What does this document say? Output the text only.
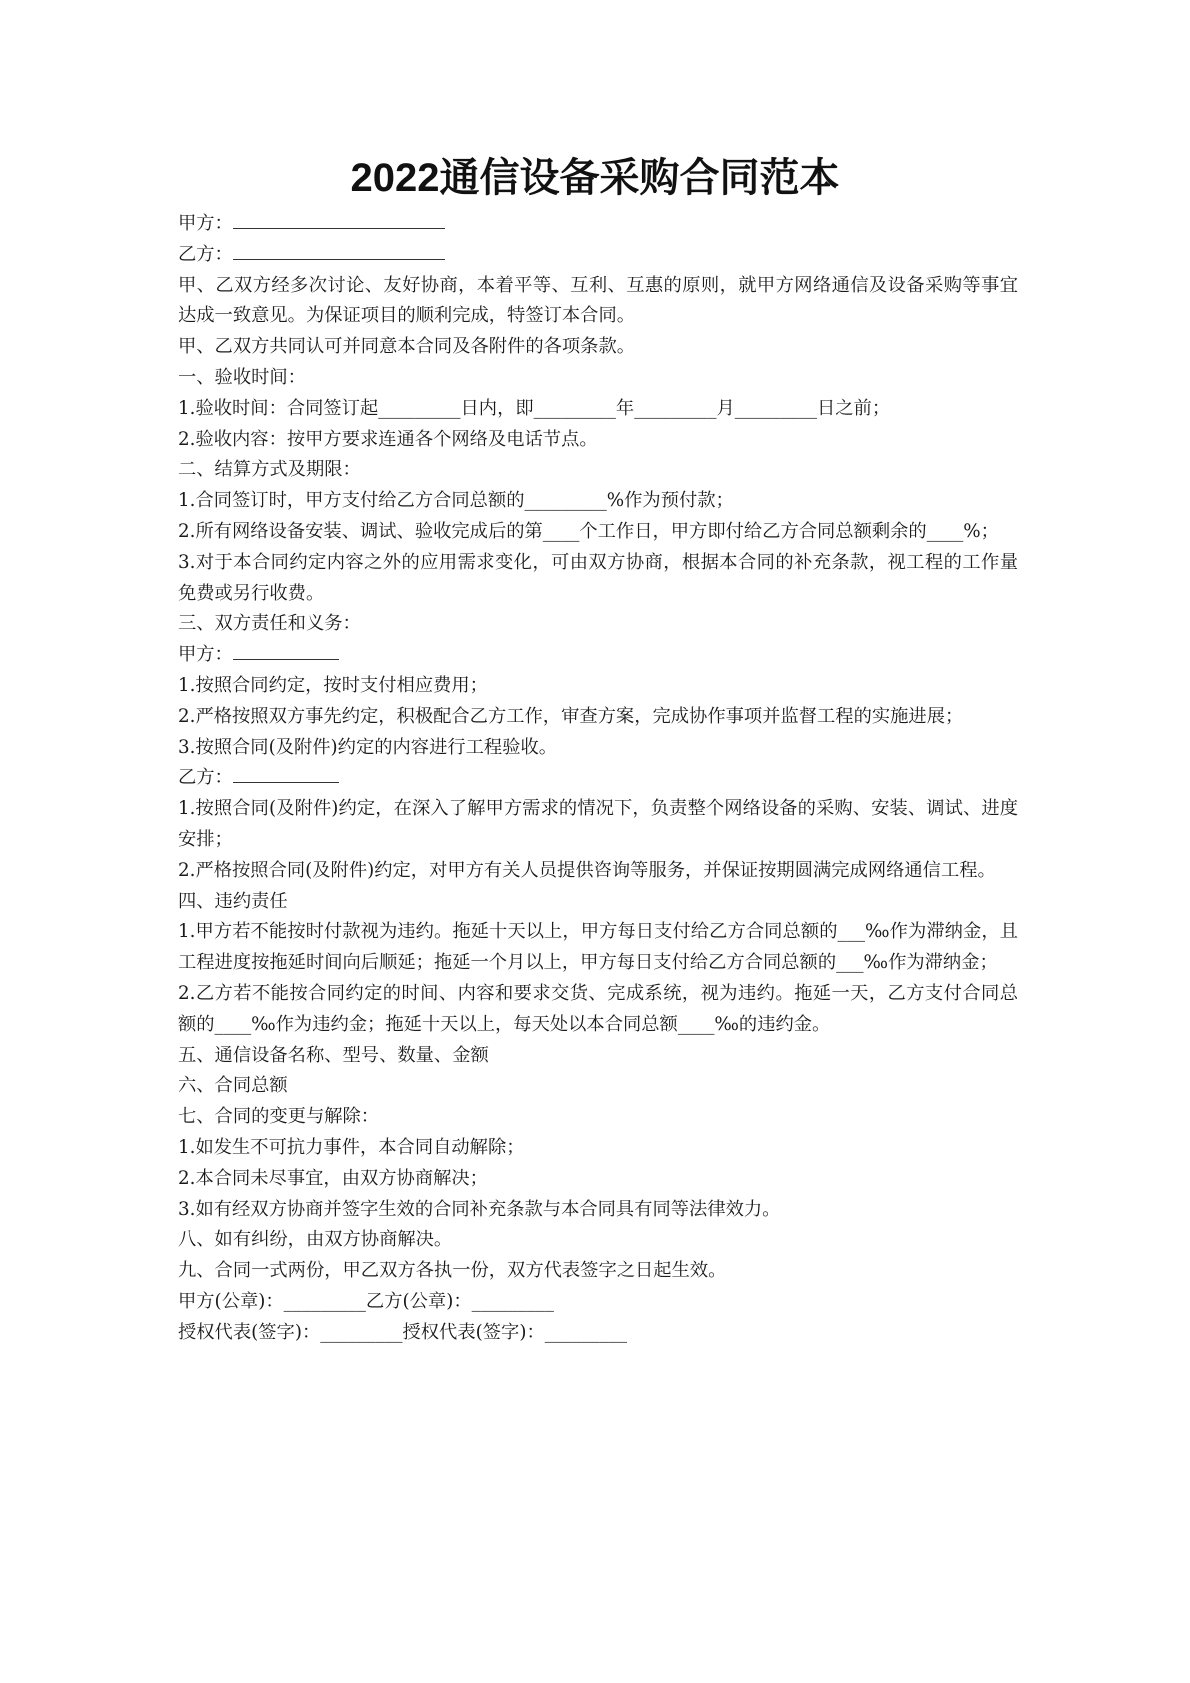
2022通信设备采购合同范本
甲方：
乙方：
甲、乙双方经多次讨论、友好协商，本着平等、互利、互惠的原则，就甲方网络通信及设备采购等事宜达成一致意见。为保证项目的顺利完成，特签订本合同。
甲、乙双方共同认可并同意本合同及各附件的各项条款。
一、验收时间：
1.验收时间：合同签订起_________日内，即_________年_________月_________日之前；
2.验收内容：按甲方要求连通各个网络及电话节点。
二、结算方式及期限：
1.合同签订时，甲方支付给乙方合同总额的_________%作为预付款；
2.所有网络设备安装、调试、验收完成后的第____个工作日，甲方即付给乙方合同总额剩余的____%；
3.对于本合同约定内容之外的应用需求变化，可由双方协商，根据本合同的补充条款，视工程的工作量免费或另行收费。
三、双方责任和义务：
甲方：
1.按照合同约定，按时支付相应费用；
2.严格按照双方事先约定，积极配合乙方工作，审查方案，完成协作事项并监督工程的实施进展；
3.按照合同(及附件)约定的内容进行工程验收。
乙方：
1.按照合同(及附件)约定，在深入了解甲方需求的情况下，负责整个网络设备的采购、安装、调试、进度安排；
2.严格按照合同(及附件)约定，对甲方有关人员提供咨询等服务，并保证按期圆满完成网络通信工程。
四、违约责任
1.甲方若不能按时付款视为违约。拖延十天以上，甲方每日支付给乙方合同总额的___‰作为滞纳金，且工程进度按拖延时间向后顺延；拖延一个月以上，甲方每日支付给乙方合同总额的___‰作为滞纳金；
2.乙方若不能按合同约定的时间、内容和要求交货、完成系统，视为违约。拖延一天，乙方支付合同总额的____‰作为违约金；拖延十天以上，每天处以本合同总额____‰的违约金。
五、通信设备名称、型号、数量、金额
六、合同总额
七、合同的变更与解除：
1.如发生不可抗力事件，本合同自动解除；
2.本合同未尽事宜，由双方协商解决；
3.如有经双方协商并签字生效的合同补充条款与本合同具有同等法律效力。
八、如有纠纷，由双方协商解决。
九、合同一式两份，甲乙双方各执一份，双方代表签字之日起生效。
甲方(公章)：_________乙方(公章)：_________
授权代表(签字)：_________授权代表(签字)：_________
